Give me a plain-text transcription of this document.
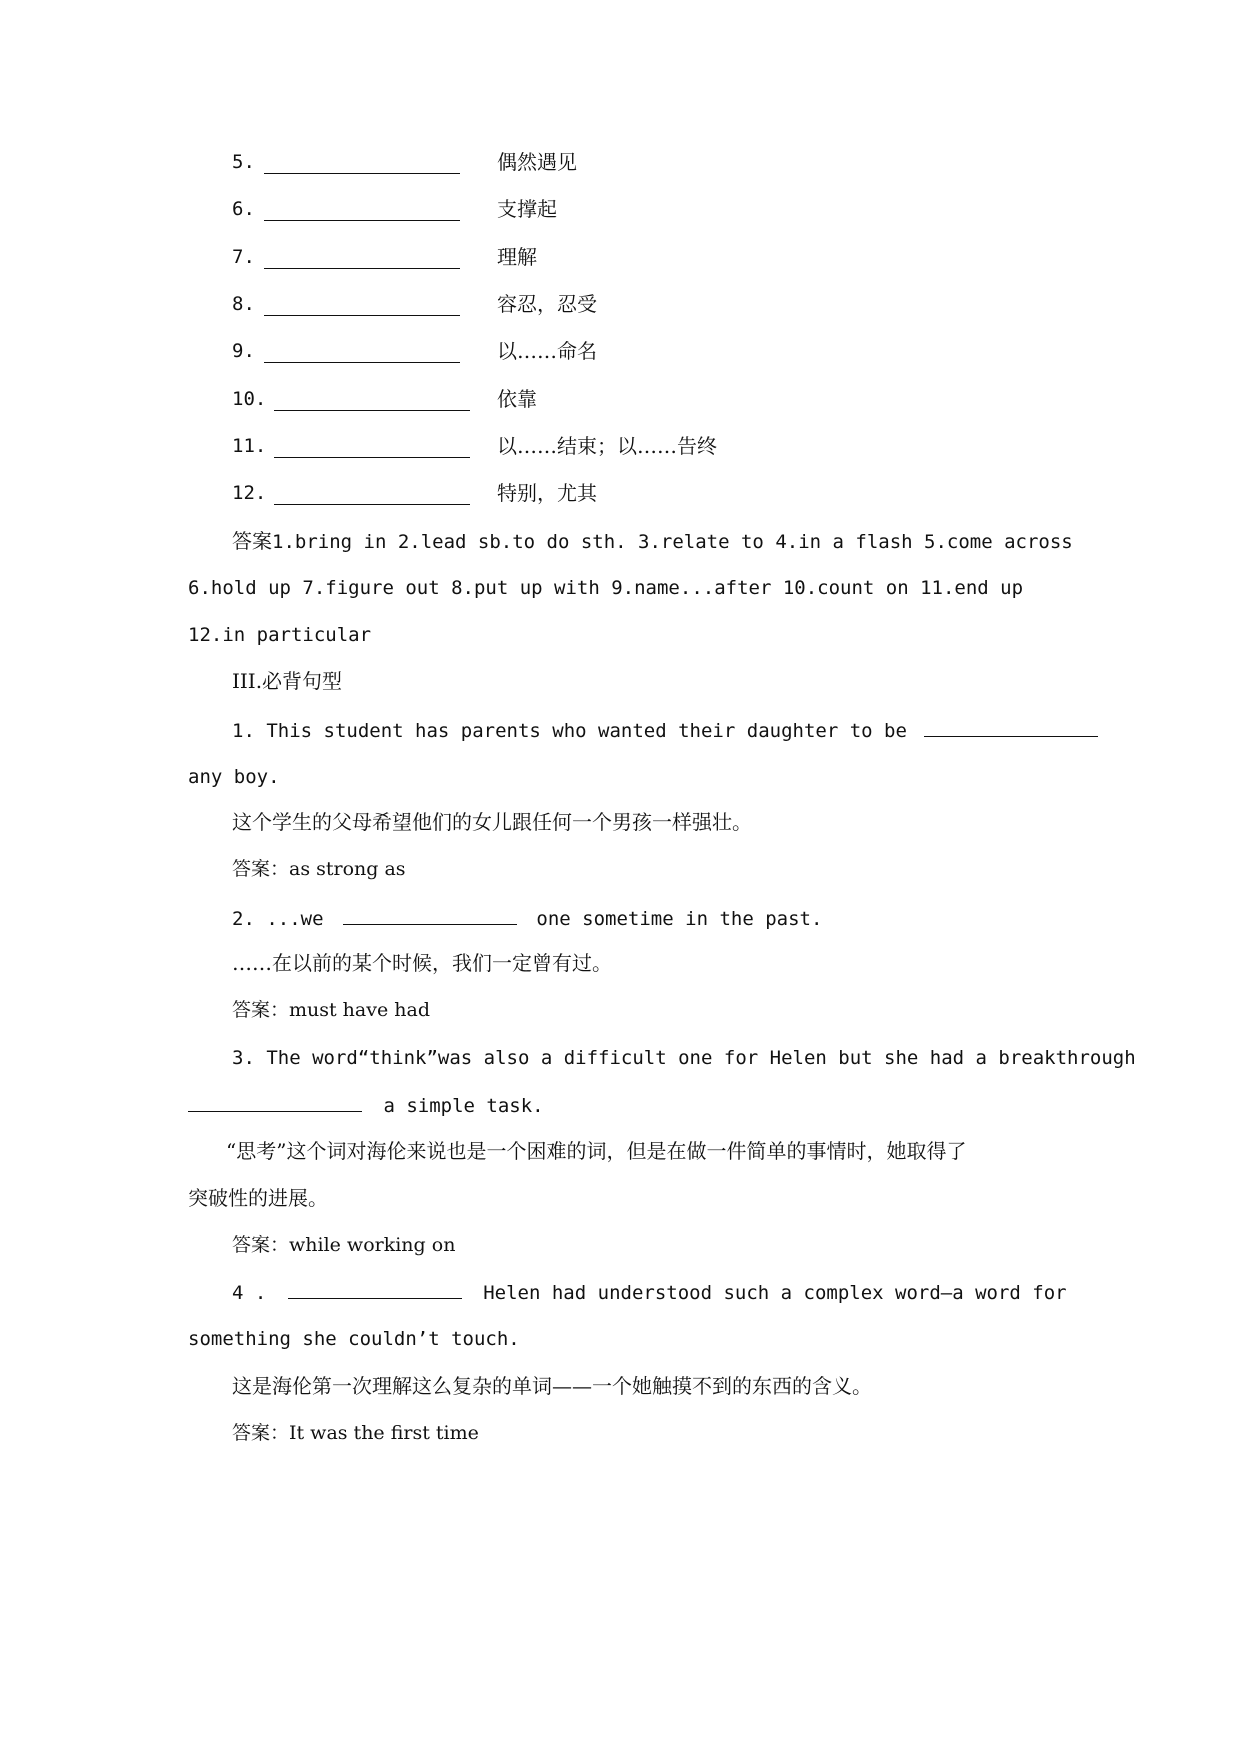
5.	偶然遇见
6.	支撑起
7.	理解
8.	容忍，忍受
9.	以……命名
10.	依靠
11.	以……结束；以……告终
12.	特别，尤其
答案1.bring in 2.lead sb.to do sth. 3.relate to 4.in a flash 5.come across
6.hold up 7.figure out 8.put up with 9.name...after 10.count on 11.end up
12.in particular
III.必背句型
1. This student has parents who wanted their daughter to be
any boy.
这个学生的父母希望他们的女儿跟任何一个男孩一样强壮。
答案：as strong as
2. ...we	one sometime in the past.
……在以前的某个时候，我们一定曾有过。
答案：must have had
3. The word“think”was also a difficult one for Helen but she had a breakthrough
a simple task.
“思考”这个词对海伦来说也是一个困难的词，但是在做一件简单的事情时，她取得了
突破性的进展。
答案：while working on
4 .	Helen had understood such a complex word—a word for
something she couldn’t touch.
这是海伦第一次理解这么复杂的单词——一个她触摸不到的东西的含义。
答案：It was the first time
